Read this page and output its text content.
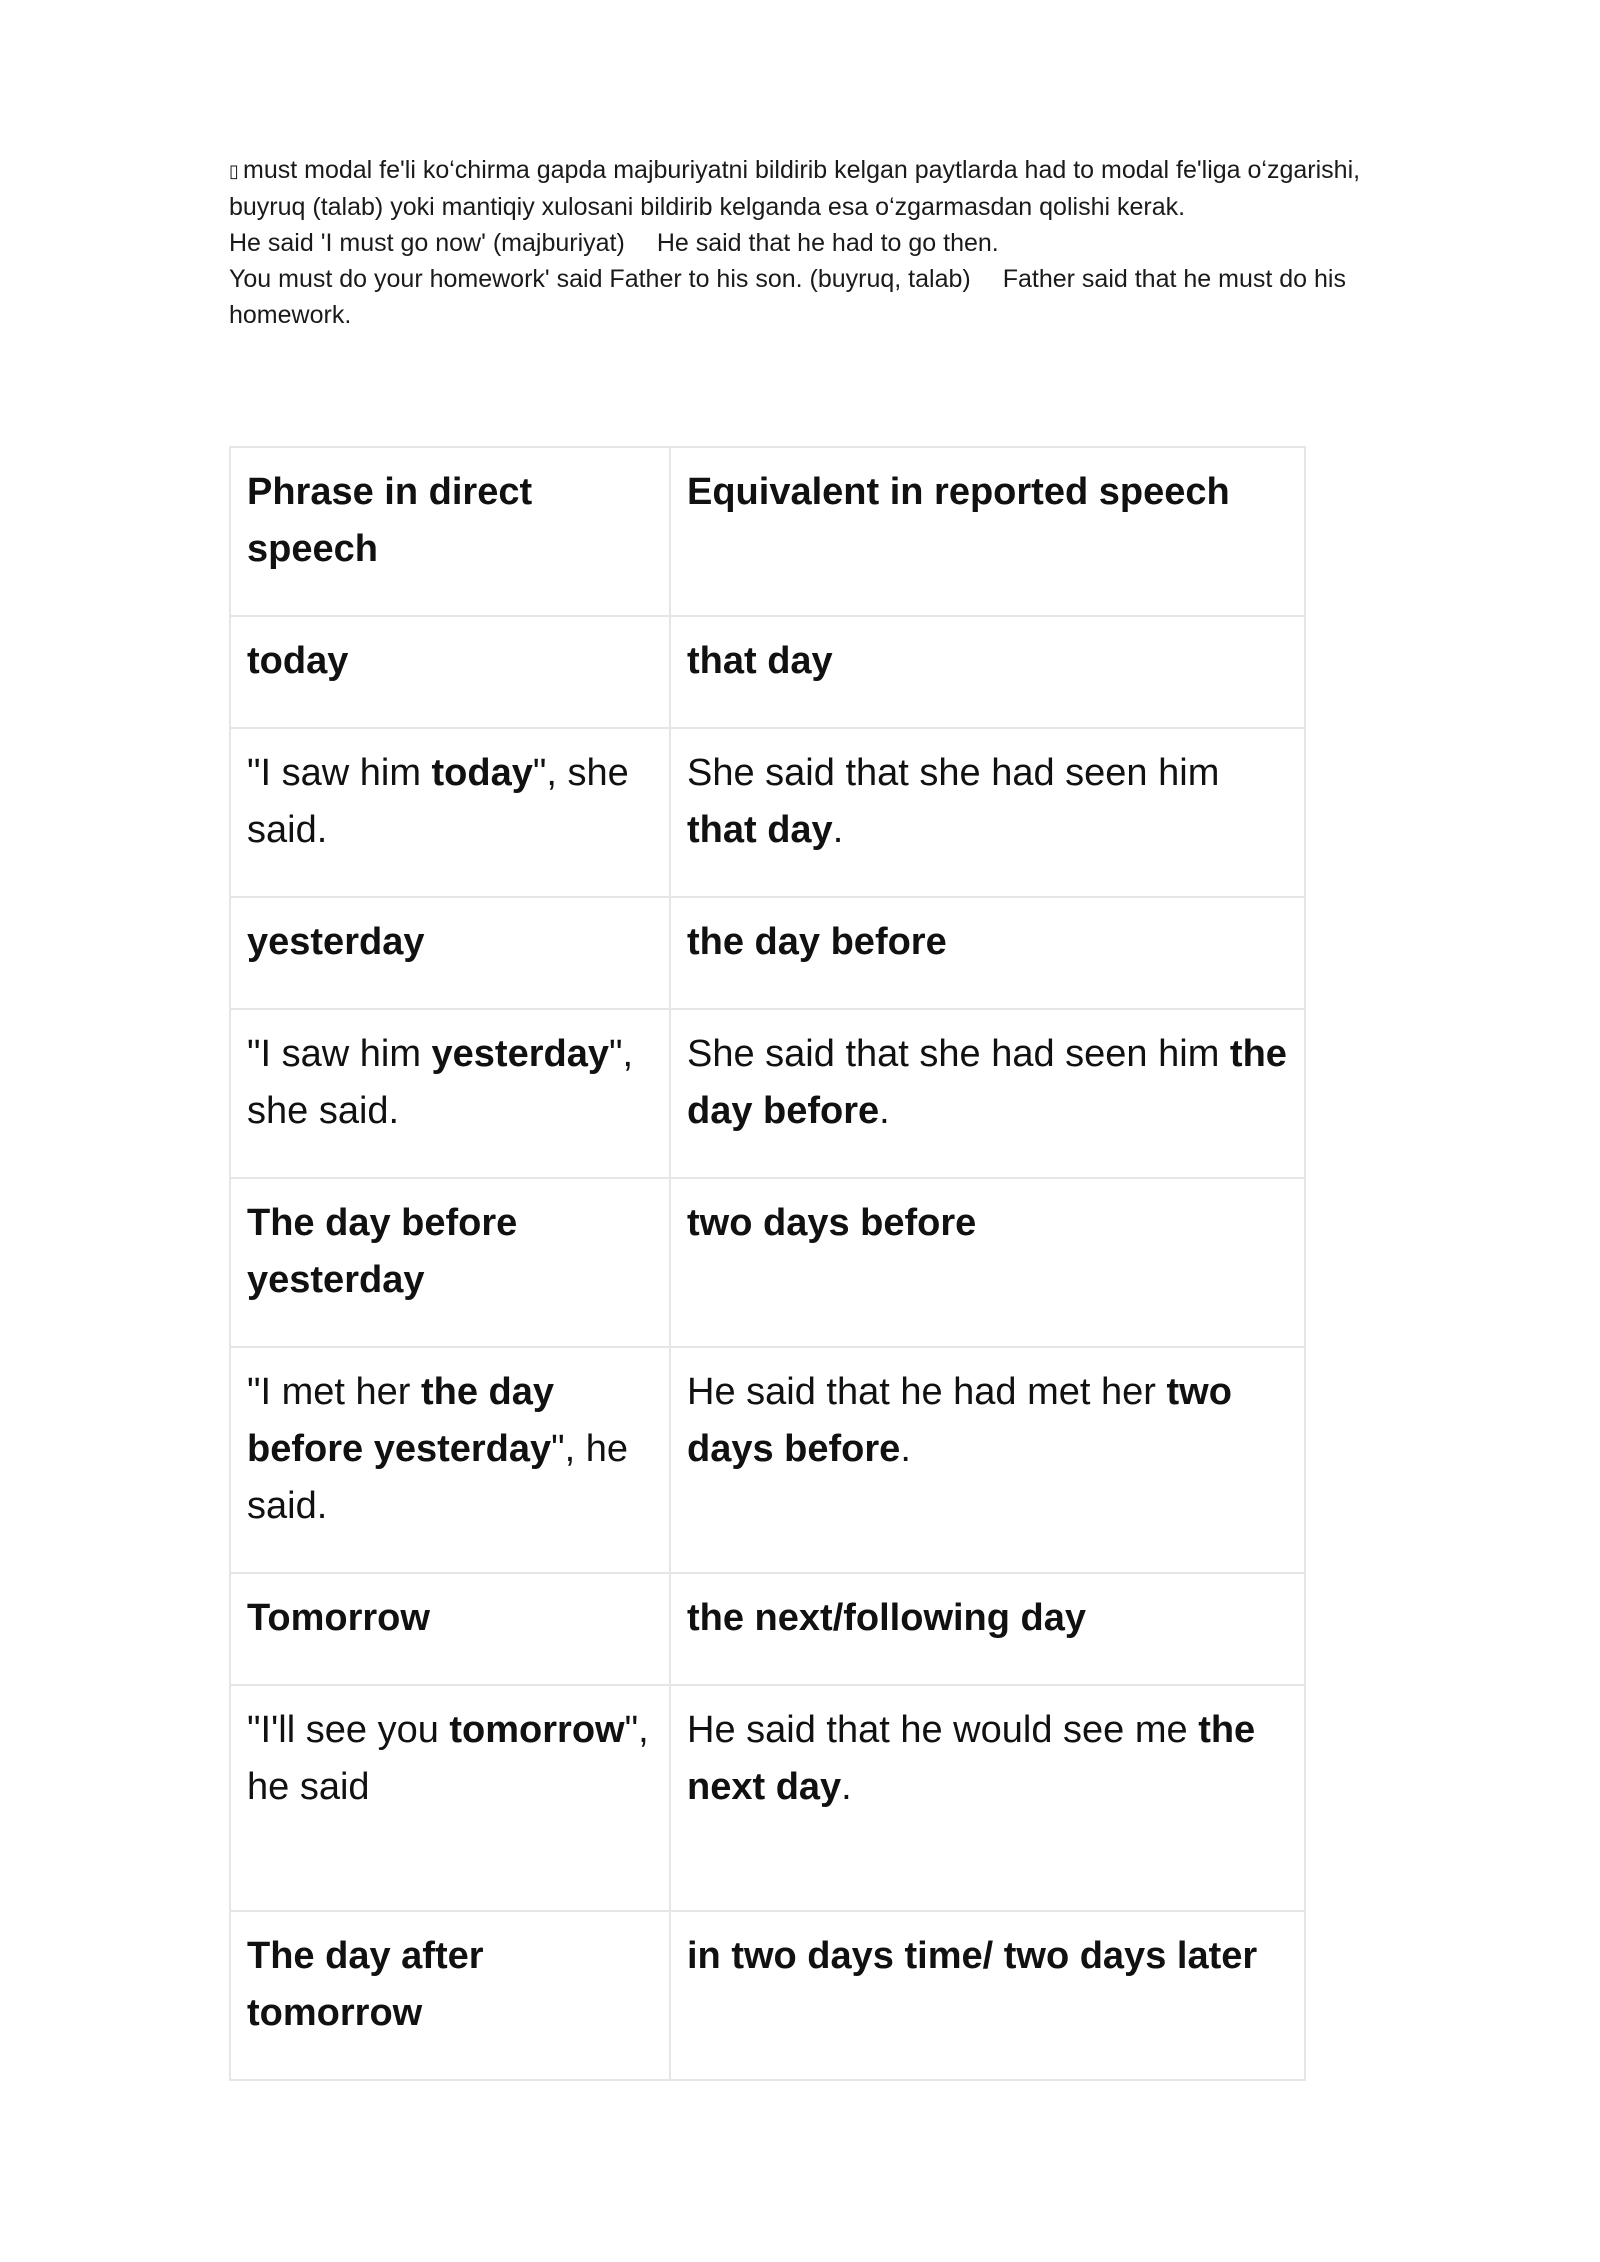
▯ must modal fe'li ko‘chirma gapda majburiyatni bildirib kelgan paytlarda had to modal fe'liga o‘zgarishi,

buyruq (talab) yoki mantiqiy xulosani bildirib kelganda esa o‘zgarmasdan qolishi kerak.

He said 'I must go now' (majburiyat) He said that he had to go then.

You must do your homework' said Father to his son. (buyruq, talab) Father said that he must do his

homework.

Phrase in direct speech	Equivalent in reported speech
today	that day
"I saw him today", she said.	She said that she had seen him that day.
yesterday	the day before
"I saw him yesterday", she said.	She said that she had seen him the day before.
The day before yesterday	two days before
"I met her the day before yesterday", he said.	He said that he had met her two days before.
Tomorrow	the next/following day
"I'll see you tomorrow", he said	He said that he would see me the next day.
The day after tomorrow	in two days time/ two days later
